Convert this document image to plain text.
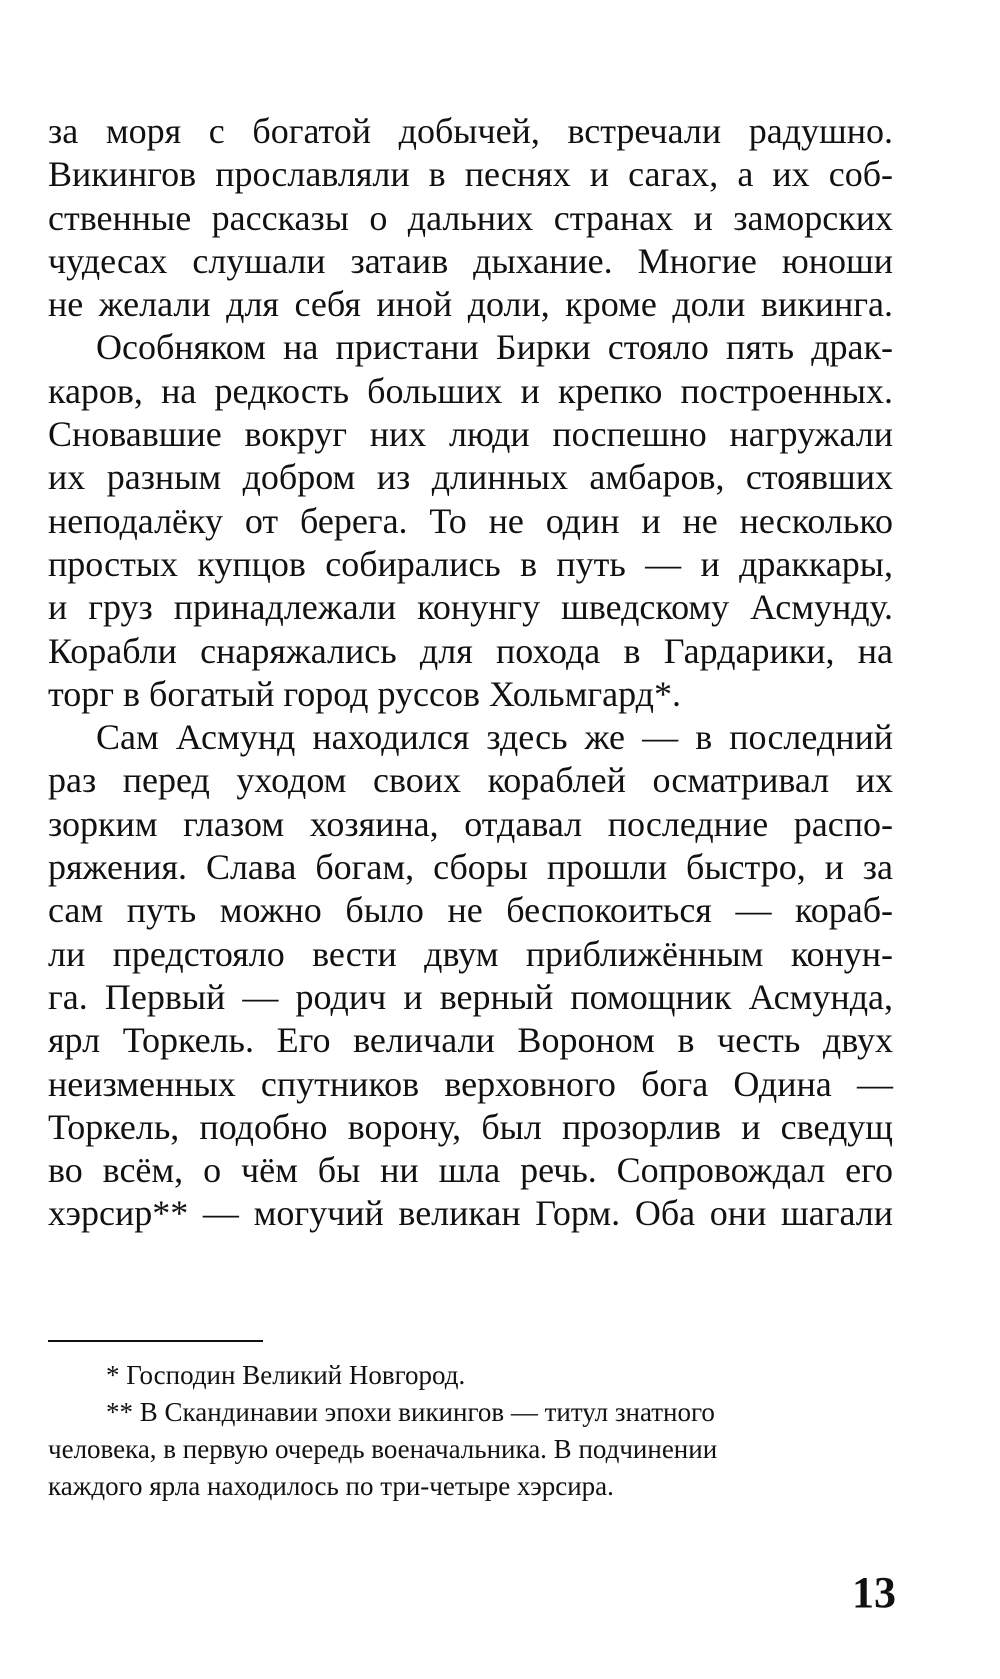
за моря с богатой добычей, встречали радушно.
Викингов прославляли в песнях и сагах, а их соб-
ственные рассказы о дальних странах и заморских
чудесах слушали затаив дыхание. Многие юноши
не желали для себя иной доли, кроме доли викинга.
Особняком на пристани Бирки стояло пять драк-
каров, на редкость больших и крепко построенных.
Сновавшие вокруг них люди поспешно нагружали
их разным добром из длинных амбаров, стоявших
неподалёку от берега. То не один и не несколько
простых купцов собирались в путь — и драккары,
и груз принадлежали конунгу шведскому Асмунду.
Корабли снаряжались для похода в Гардарики, на
торг в богатый город руссов Хольмгард*.
Сам Асмунд находился здесь же — в последний
раз перед уходом своих кораблей осматривал их
зорким глазом хозяина, отдавал последние распо-
ряжения. Слава богам, сборы прошли быстро, и за
сам путь можно было не беспокоиться — кораб-
ли предстояло вести двум приближённым конун-
га. Первый — родич и верный помощник Асмунда,
ярл Торкель. Его величали Вороном в честь двух
неизменных спутников верховного бога Одина —
Торкель, подобно ворону, был прозорлив и сведущ
во всём, о чём бы ни шла речь. Сопровождал его
хэрсир** — могучий великан Горм. Оба они шагали
* Господин Великий Новгород.
** В Скандинавии эпохи викингов — титул знатного
человека, в первую очередь военачальника. В подчинении
каждого ярла находилось по три-четыре хэрсира.
13
